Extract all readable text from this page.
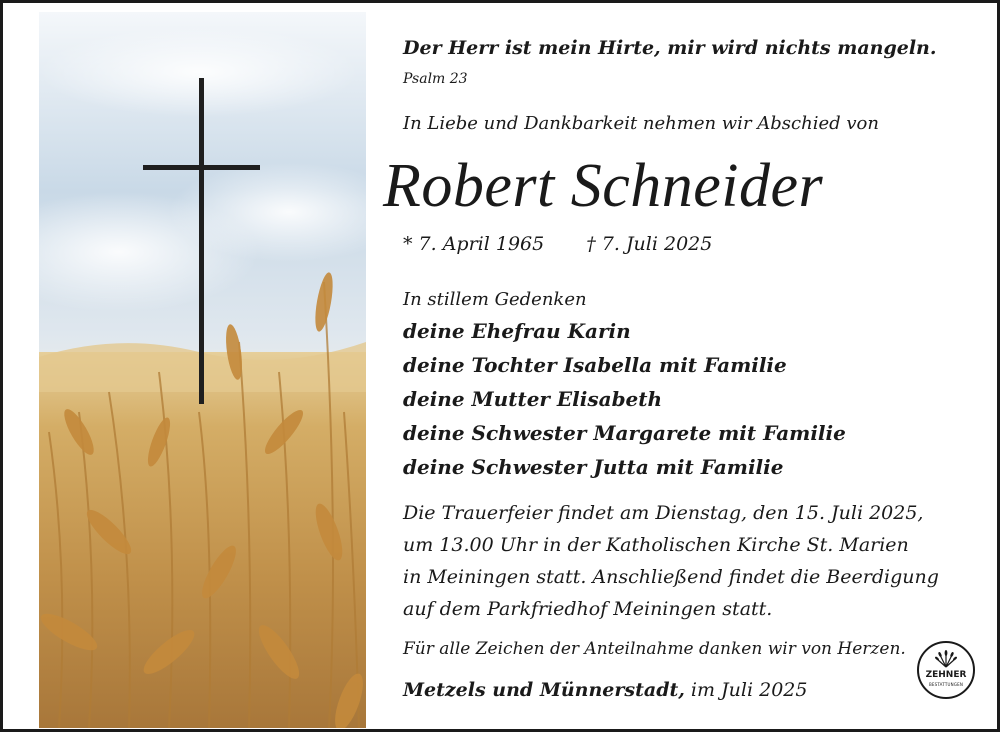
Der Herr ist mein Hirte, mir wird nichts mangeln.
Psalm 23
In Liebe und Dankbarkeit nehmen wir Abschied von
Robert Schneider
* 7. April 1965 † 7. Juli 2025
In stillem Gedenken
deine Ehefrau Karin
deine Tochter Isabella mit Familie
deine Mutter Elisabeth
deine Schwester Margarete mit Familie
deine Schwester Jutta mit Familie
Die Trauerfeier findet am Dienstag, den 15. Juli 2025,
um 13.00 Uhr in der Katholischen Kirche St. Marien
in Meiningen statt. Anschließend findet die Beerdigung
auf dem Parkfriedhof Meiningen statt.
Für alle Zeichen der Anteilnahme danken wir von Herzen.
Metzels und Münnerstadt, im Juli 2025
ZEHNER
BESTATTUNGEN
